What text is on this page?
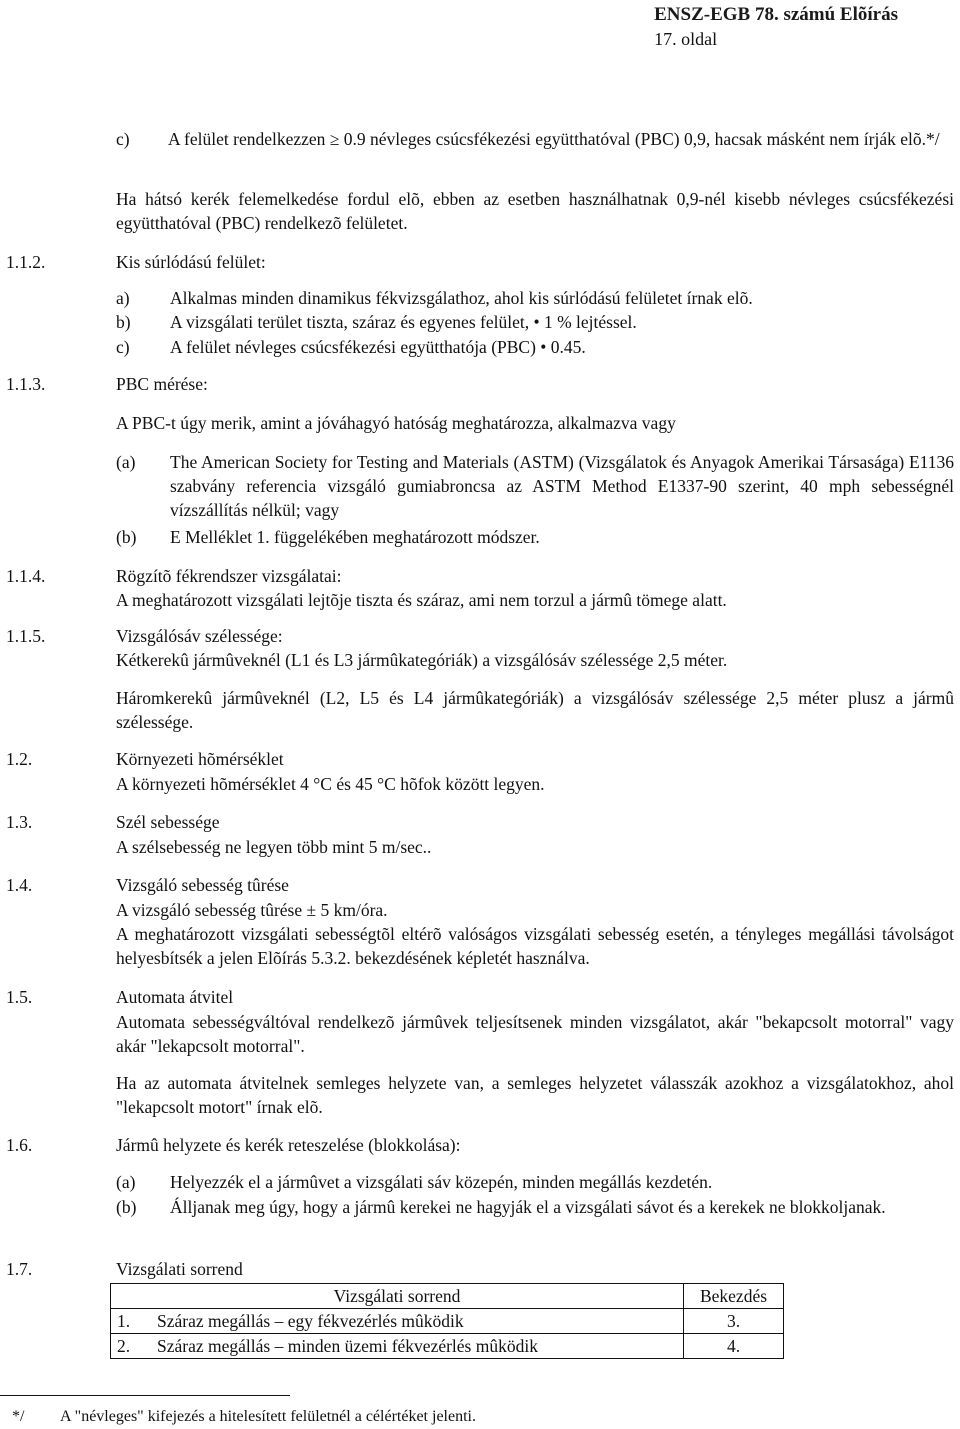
ENSZ-EGB 78. számú Elõírás
17. oldal
c)	A felület rendelkezzen ≥ 0.9 névleges csúcsfékezési együtthatóval (PBC) 0,9, hacsak másként nem írják elõ.*/
Ha hátsó kerék felemelkedése fordul elõ, ebben az esetben használhatnak 0,9-nél kisebb névleges csúcsfékezési együtthatóval (PBC) rendelkezõ felületet.
1.1.2.	Kis súrlódású felület:
a) Alkalmas minden dinamikus fékvizsgálathoz, ahol kis súrlódású felületet írnak elõ.
b) A vizsgálati terület tiszta, száraz és egyenes felület, • 1 % lejtéssel.
c) A felület névleges csúcsfékezési együtthatója (PBC) • 0.45.
1.1.3.	PBC mérése:
A PBC-t úgy merik, amint a jóváhagyó hatóság meghatározza, alkalmazva vagy
(a) The American Society for Testing and Materials (ASTM) (Vizsgálatok és Anyagok Amerikai Társasága) E1136 szabvány referencia vizsgáló gumiabroncsa az ASTM Method E1337-90 szerint, 40 mph sebességnél vízszállítás nélkül; vagy
(b) E Melléklet 1. függelékében meghatározott módszer.
1.1.4.	Rögzítõ fékrendszer vizsgálatai:
A meghatározott vizsgálati lejtõje tiszta és száraz, ami nem torzul a jármû tömege alatt.
1.1.5.	Vizsgálósáv szélessége:
Kétkerekû jármûveknél (L1 és L3 jármûkategóriák) a vizsgálósáv szélessége 2,5 méter.
Háromkerekû jármûveknél (L2, L5 és L4 jármûkategóriák) a vizsgálósáv szélessége 2,5 méter plusz a jármû szélessége.
1.2.	Környezeti hõmérséklet
A környezeti hõmérséklet 4 °C és 45 °C hõfok között legyen.
1.3.	Szél sebessége
A szélsebesség ne legyen több mint 5 m/sec..
1.4.	Vizsgáló sebesség tûrése
A vizsgáló sebesség tûrése ± 5 km/óra.
A meghatározott vizsgálati sebességtõl eltérõ valóságos vizsgálati sebesség esetén, a tényleges megállási távolságot helyesbítsék a jelen Elõírás 5.3.2. bekezdésének képletét használva.
1.5.	Automata átvitel
Automata sebességváltóval rendelkezõ jármûvek teljesítsenek minden vizsgálatot, akár "bekapcsolt motorral" vagy akár "lekapcsolt motorral".
Ha az automata átvitelnek semleges helyzete van, a semleges helyzetet válasszák azokhoz a vizsgálatokhoz, ahol "lekapcsolt motort" írnak elõ.
1.6.	Jármû helyzete és kerék reteszelése (blokkolása):
(a) Helyezzék el a jármûvet a vizsgálati sáv közepén, minden megállás kezdetén.
(b) Álljanak meg úgy, hogy a jármû kerekei ne hagyják el a vizsgálati sávot és a kerekek ne blokkoljanak.
1.7.	Vizsgálati sorrend
Vizsgálati sorrend	Bekezdés
1. Száraz megállás – egy fékvezérlés mûködik	3.
2. Száraz megállás – minden üzemi fékvezérlés mûködik	4.
*/ A "névleges" kifejezés a hitelesített felületnél a célértéket jelenti.
